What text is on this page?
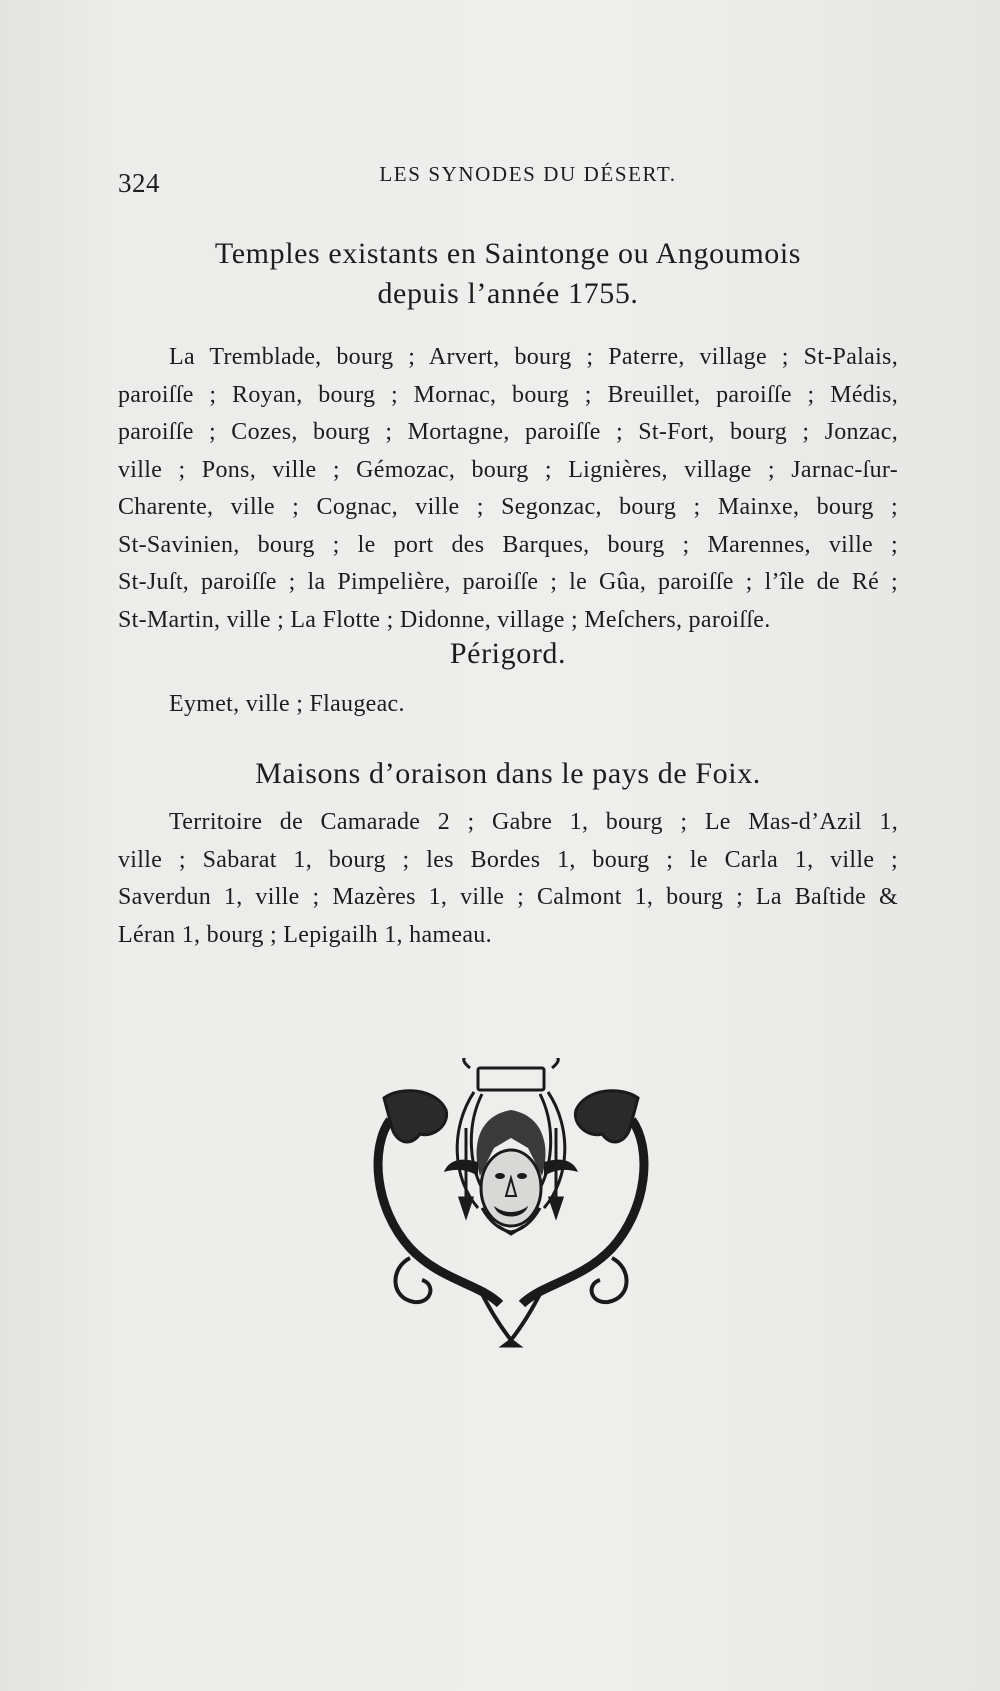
324	LES SYNODES DU DÉSERT.
Temples existants en Saintonge ou Angoumois
depuis l’année 1755.
La Tremblade, bourg ; Arvert, bourg ; Paterre, village ; St-Palais,
paroiſſe ; Royan, bourg ; Mornac, bourg ; Breuillet, paroiſſe ; Médis,
paroiſſe ; Cozes, bourg ; Mortagne, paroiſſe ; St-Fort, bourg ; Jonzac,
ville ; Pons, ville ; Gémozac, bourg ; Lignières, village ; Jarnac-ſur-
Charente, ville ; Cognac, ville ; Segonzac, bourg ; Mainxe, bourg ;
St-Savinien, bourg ; le port des Barques, bourg ; Marennes, ville ;
St-Juſt, paroiſſe ; la Pimpelière, paroiſſe ; le Gûa, paroiſſe ; l’île de Ré ;
St-Martin, ville ; La Flotte ; Didonne, village ; Meſchers, paroiſſe.
Périgord.
Eymet, ville ; Flaugeac.
Maisons d’oraison dans le pays de Foix.
Territoire de Camarade 2 ; Gabre 1, bourg ; Le Mas-d’Azil 1,
ville ; Sabarat 1, bourg ; les Bordes 1, bourg ; le Carla 1, ville ;
Saverdun 1, ville ; Mazères 1, ville ; Calmont 1, bourg ; La Baſtide &
Léran 1, bourg ; Lepigailh 1, hameau.
